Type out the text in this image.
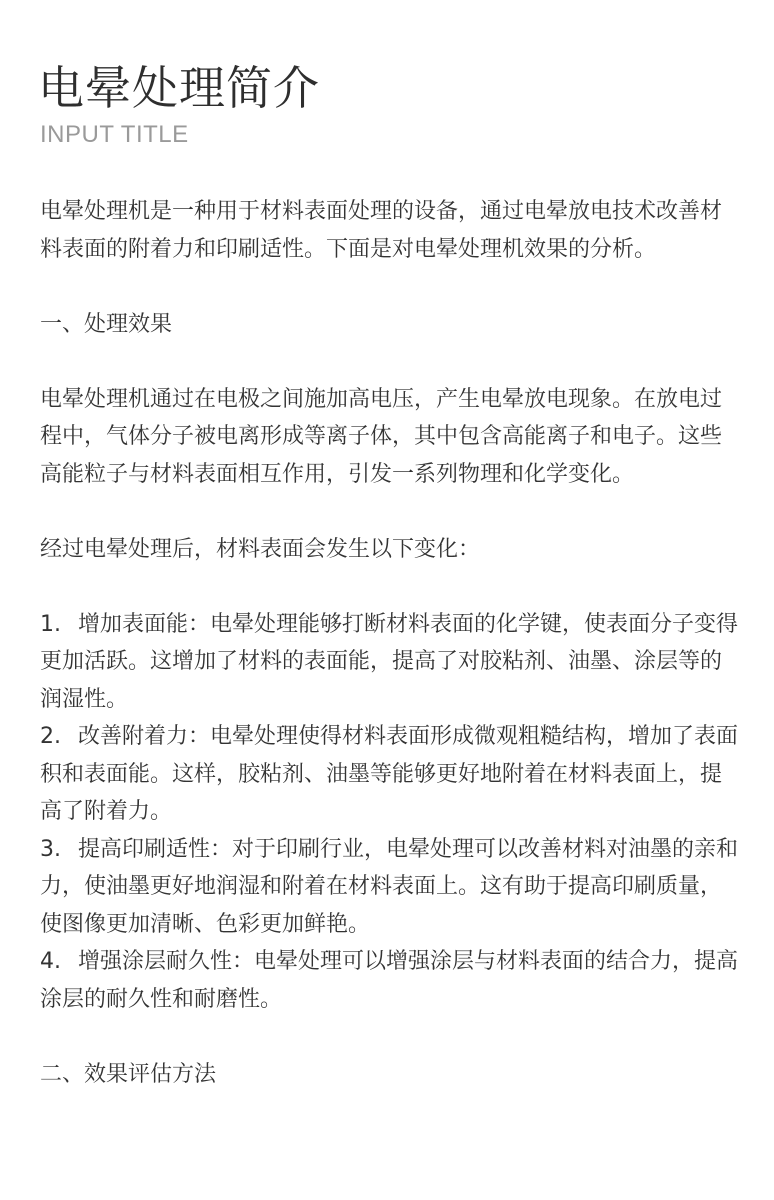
电晕处理简介
INPUT TITLE

电晕处理机是一种用于材料表面处理的设备，通过电晕放电技术改善材料表面的附着力和印刷适性。下面是对电晕处理机效果的分析。

一、处理效果

电晕处理机通过在电极之间施加高电压，产生电晕放电现象。在放电过程中，气体分子被电离形成等离子体，其中包含高能离子和电子。这些高能粒子与材料表面相互作用，引发一系列物理和化学变化。

经过电晕处理后，材料表面会发生以下变化：

1. 增加表面能：电晕处理能够打断材料表面的化学键，使表面分子变得更加活跃。这增加了材料的表面能，提高了对胶粘剂、油墨、涂层等的润湿性。

2. 改善附着力：电晕处理使得材料表面形成微观粗糙结构，增加了表面积和表面能。这样，胶粘剂、油墨等能够更好地附着在材料表面上，提高了附着力。

3. 提高印刷适性：对于印刷行业，电晕处理可以改善材料对油墨的亲和力，使油墨更好地润湿和附着在材料表面上。这有助于提高印刷质量，使图像更加清晰、色彩更加鲜艳。

4. 增强涂层耐久性：电晕处理可以增强涂层与材料表面的结合力，提高涂层的耐久性和耐磨性。

二、效果评估方法
